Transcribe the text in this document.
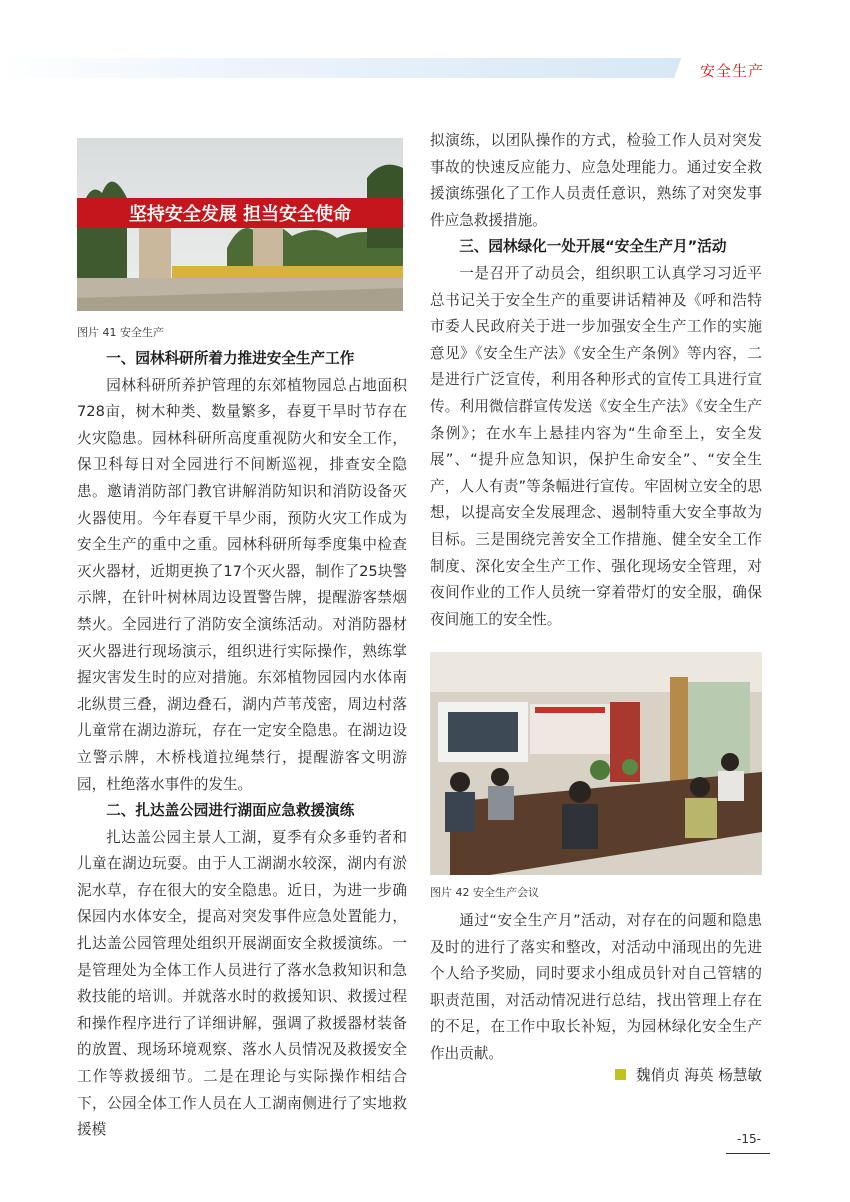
安全生产
坚持安全发展 担当安全使命
图片 41 安全生产
一、园林科研所着力推进安全生产工作

园林科研所养护管理的东郊植物园总占地面积728亩，树木种类、数量繁多，春夏干旱时节存在火灾隐患。园林科研所高度重视防火和安全工作，保卫科每日对全园进行不间断巡视，排查安全隐患。邀请消防部门教官讲解消防知识和消防设备灭火器使用。今年春夏干旱少雨，预防火灾工作成为安全生产的重中之重。园林科研所每季度集中检查灭火器材，近期更换了17个灭火器，制作了25块警示牌，在针叶树林周边设置警告牌，提醒游客禁烟禁火。全园进行了消防安全演练活动。对消防器材灭火器进行现场演示，组织进行实际操作，熟练掌握灾害发生时的应对措施。东郊植物园园内水体南北纵贯三叠，湖边叠石，湖内芦苇茂密，周边村落儿童常在湖边游玩，存在一定安全隐患。在湖边设立警示牌，木桥栈道拉绳禁行，提醒游客文明游园，杜绝落水事件的发生。

二、扎达盖公园进行湖面应急救援演练

扎达盖公园主景人工湖，夏季有众多垂钓者和儿童在湖边玩耍。由于人工湖湖水较深，湖内有淤泥水草，存在很大的安全隐患。近日，为进一步确保园内水体安全，提高对突发事件应急处置能力，扎达盖公园管理处组织开展湖面安全救援演练。一是管理处为全体工作人员进行了落水急救知识和急救技能的培训。并就落水时的救援知识、救援过程和操作程序进行了详细讲解，强调了救援器材装备的放置、现场环境观察、落水人员情况及救援安全工作等救援细节。二是在理论与实际操作相结合下，公园全体工作人员在人工湖南侧进行了实地救援模

拟演练，以团队操作的方式，检验工作人员对突发事故的快速反应能力、应急处理能力。通过安全救援演练强化了工作人员责任意识，熟练了对突发事件应急救援措施。

三、园林绿化一处开展“安全生产月”活动

一是召开了动员会，组织职工认真学习习近平总书记关于安全生产的重要讲话精神及《呼和浩特市委人民政府关于进一步加强安全生产工作的实施意见》《安全生产法》《安全生产条例》等内容，二是进行广泛宣传，利用各种形式的宣传工具进行宣传。利用微信群宣传发送《安全生产法》《安全生产条例》；在水车上悬挂内容为“生命至上，安全发展”、“提升应急知识，保护生命安全”、“安全生产，人人有责”等条幅进行宣传。牢固树立安全的思想，以提高安全发展理念、遏制特重大安全事故为目标。三是围绕完善安全工作措施、健全安全工作制度、深化安全生产工作、强化现场安全管理，对夜间作业的工作人员统一穿着带灯的安全服，确保夜间施工的安全性。

图片 42 安全生产会议

通过“安全生产月”活动，对存在的问题和隐患及时的进行了落实和整改，对活动中涌现出的先进个人给予奖励，同时要求小组成员针对自己管辖的职责范围，对活动情况进行总结，找出管理上存在的不足，在工作中取长补短，为园林绿化安全生产作出贡献。

魏俏贞 海英 杨慧敏
-15-
